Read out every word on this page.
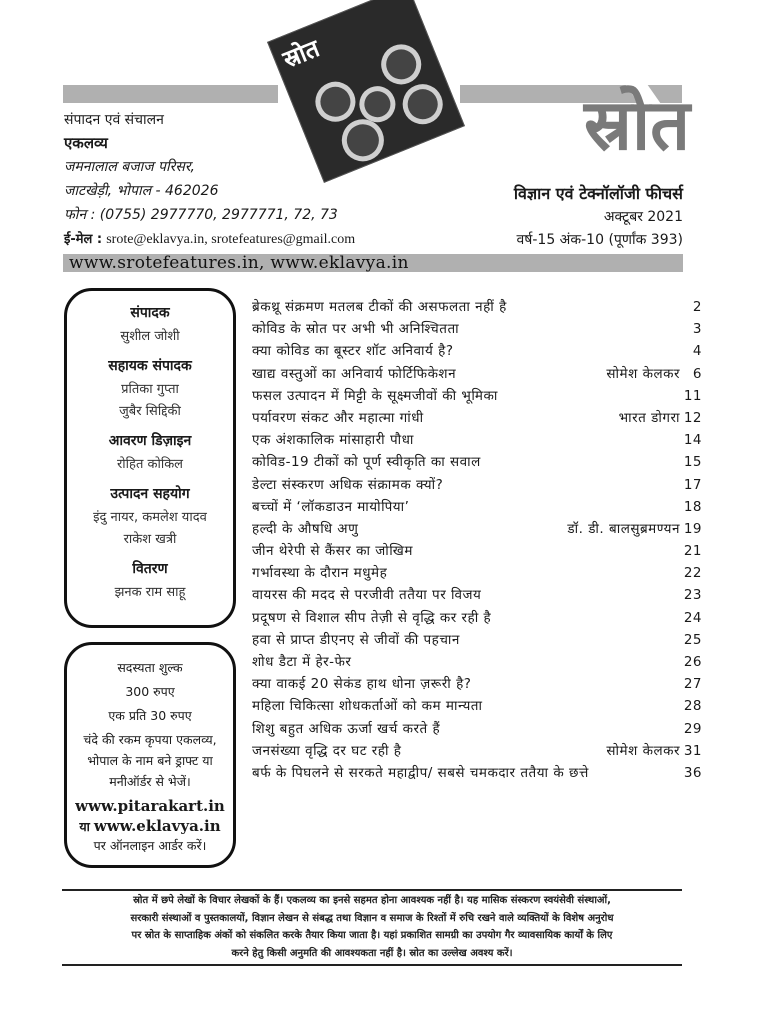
स्रोत
स्रोत
संपादन एवं संचालन
एकलव्य
जमनालाल बजाज परिसर,
जाटखेड़ी, भोपाल - 462026
फोन : (0755) 2977770, 2977771, 72, 73
ई-मेल : srote@eklavya.in, srotefeatures@gmail.com
विज्ञान एवं टेक्नॉलॉजी फीचर्स
अक्टूबर 2021
वर्ष-15 अंक-10 (पूर्णांक 393)
www.srotefeatures.in, www.eklavya.in
संपादक
सुशील जोशी
सहायक संपादक
प्रतिका गुप्ता
जुबैर सिद्दिकी
आवरण डिज़ाइन
रोहित कोकिल
उत्पादन सहयोग
इंदु नायर, कमलेश यादव
राकेश खत्री
वितरण
झनक राम साहू
सदस्यता शुल्क
300 रुपए
एक प्रति 30 रुपए
चंदे की रकम कृपया एकलव्य,
भोपाल के नाम बने ड्राफ्ट या
मनीऑर्डर से भेजें।
www.pitarakart.in
या www.eklavya.in
पर ऑनलाइन आर्डर करें।
ब्रेकथ्रू संक्रमण मतलब टीकों की असफलता नहीं है	2
कोविड के स्रोत पर अभी भी अनिश्चितता	3
क्या कोविड का बूस्टर शॉट अनिवार्य है?	4
खाद्य वस्तुओं का अनिवार्य फोर्टिफिकेशन	सोमेश केलकर 6
फसल उत्पादन में मिट्टी के सूक्ष्मजीवों की भूमिका	11
पर्यावरण संकट और महात्मा गांधी	भारत डोगरा 12
एक अंशकालिक मांसाहारी पौधा	14
कोविड-19 टीकों को पूर्ण स्वीकृति का सवाल	15
डेल्टा संस्करण अधिक संक्रामक क्यों?	17
बच्चों में ‘लॉकडाउन मायोपिया’	18
हल्दी के औषधि अणु	डॉ. डी. बालसुब्रमण्यन 19
जीन थेरेपी से कैंसर का जोखिम	21
गर्भावस्था के दौरान मधुमेह	22
वायरस की मदद से परजीवी ततैया पर विजय	23
प्रदूषण से विशाल सीप तेज़ी से वृद्धि कर रही है	24
हवा से प्राप्त डीएनए से जीवों की पहचान	25
शोध डैटा में हेर-फेर	26
क्या वाकई 20 सेकंड हाथ धोना ज़रूरी है?	27
महिला चिकित्सा शोधकर्ताओं को कम मान्यता	28
शिशु बहुत अधिक ऊर्जा खर्च करते हैं	29
जनसंख्या वृद्धि दर घट रही है	सोमेश केलकर 31
बर्फ के पिघलने से सरकते महाद्वीप/ सबसे चमकदार ततैया के छत्ते	36
स्रोत में छपे लेखों के विचार लेखकों के हैं। एकलव्य का इनसे सहमत होना आवश्यक नहीं है। यह मासिक संस्करण स्वयंसेवी संस्थाओं,
सरकारी संस्थाओं व पुस्तकालयों, विज्ञान लेखन से संबद्ध तथा विज्ञान व समाज के रिश्तों में रुचि रखने वाले व्यक्तियों के विशेष अनुरोध
पर स्रोत के साप्ताहिक अंकों को संकलित करके तैयार किया जाता है। यहां प्रकाशित सामग्री का उपयोग गैर व्यावसायिक कार्यों के लिए
करने हेतु किसी अनुमति की आवश्यकता नहीं है। स्रोत का उल्लेख अवश्य करें।
